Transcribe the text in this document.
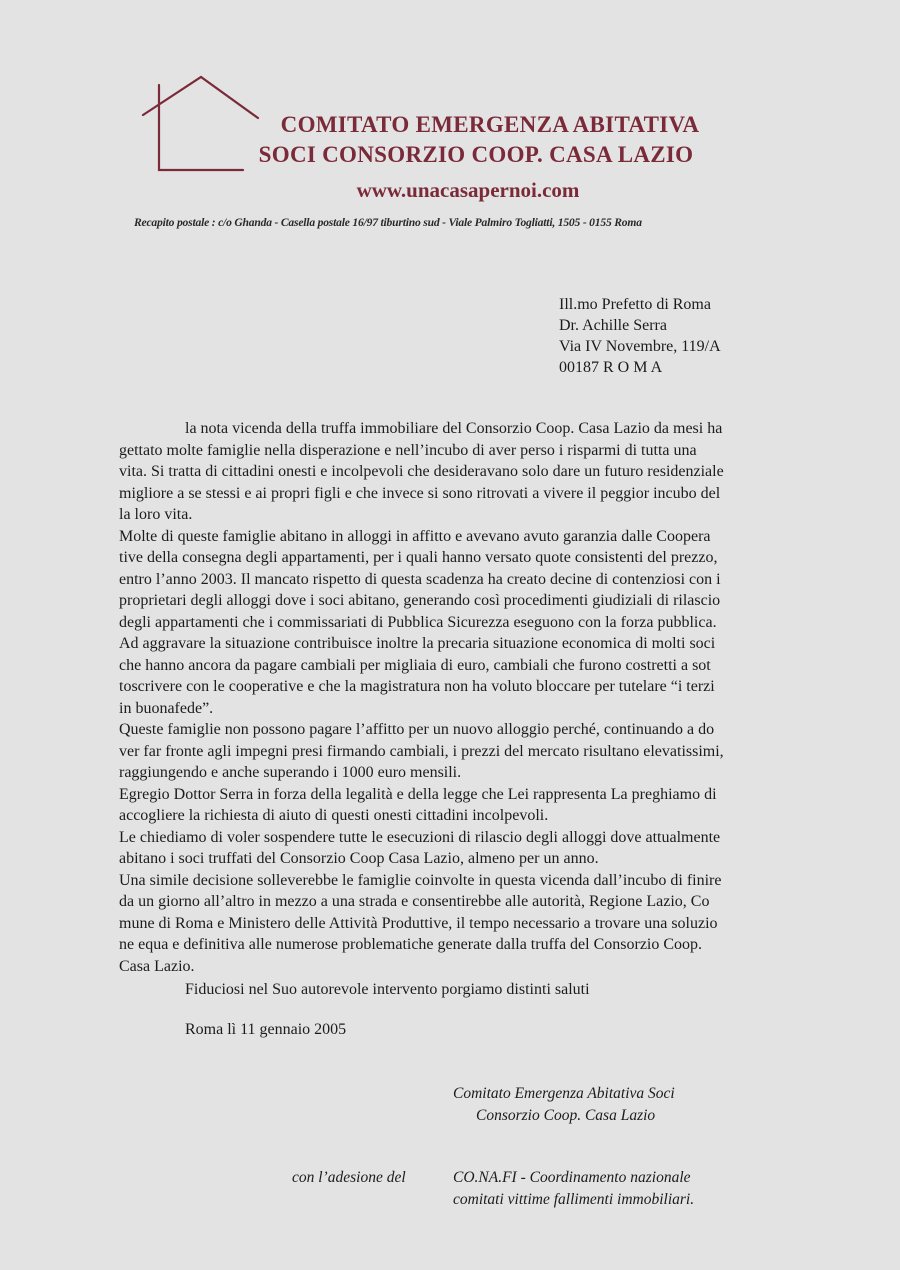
COMITATO EMERGENZA ABITATIVA
SOCI CONSORZIO COOP. CASA LAZIO
www.unacasapernoi.com
Recapito postale : c/o Ghanda - Casella postale 16/97 tiburtino sud - Viale Palmiro Togliatti, 1505 - 0155 Roma
Ill.mo Prefetto di Roma
Dr. Achille Serra
Via IV Novembre, 119/A
00187 R O M A

la nota vicenda della truffa immobiliare del Consorzio Coop. Casa Lazio da mesi ha

gettato molte famiglie nella disperazione e nell’incubo di aver perso i risparmi di tutta una

vita. Si tratta di cittadini onesti e incolpevoli che desideravano solo dare un futuro residenziale

migliore a se stessi e ai propri figli e che invece si sono ritrovati a vivere il peggior incubo del

la loro vita.

Molte di queste famiglie abitano in alloggi in affitto e avevano avuto garanzia dalle Coopera

tive della consegna degli appartamenti, per i quali hanno versato quote consistenti del prezzo,

entro l’anno 2003. Il mancato rispetto di questa scadenza ha creato decine di contenziosi con i

proprietari degli alloggi dove i soci abitano, generando così procedimenti giudiziali di rilascio

degli appartamenti che i commissariati di Pubblica Sicurezza eseguono con la forza pubblica.

Ad aggravare la situazione contribuisce inoltre la precaria situazione economica di molti soci

che hanno ancora da pagare cambiali per migliaia di euro, cambiali che furono costretti a sot

toscrivere con le cooperative e che la magistratura non ha voluto bloccare per tutelare “i terzi

in buonafede”.

Queste famiglie non possono pagare l’affitto per un nuovo alloggio perché, continuando a do

ver far fronte agli impegni presi firmando cambiali, i prezzi del mercato risultano elevatissimi,

raggiungendo e anche superando i 1000 euro mensili.

Egregio Dottor Serra in forza della legalità e della legge che Lei rappresenta La preghiamo di

accogliere la richiesta di aiuto di questi onesti cittadini incolpevoli.

Le chiediamo di voler sospendere tutte le esecuzioni di rilascio degli alloggi dove attualmente

abitano i soci truffati del Consorzio Coop Casa Lazio, almeno per un anno.

Una simile decisione solleverebbe le famiglie coinvolte in questa vicenda dall’incubo di finire

da un giorno all’altro in mezzo a una strada e consentirebbe alle autorità, Regione Lazio, Co

mune di Roma e Ministero delle Attività Produttive, il tempo necessario a trovare una soluzio

ne equa e definitiva alle numerose problematiche generate dalla truffa del Consorzio Coop.

Casa Lazio.

Fiduciosi nel Suo autorevole intervento porgiamo distinti saluti
Roma lì 11 gennaio 2005
Comitato Emergenza Abitativa Soci
Consorzio Coop. Casa Lazio
con l’adesione del	CO.NA.FI - Coordinamento nazionale
comitati vittime fallimenti immobiliari.
